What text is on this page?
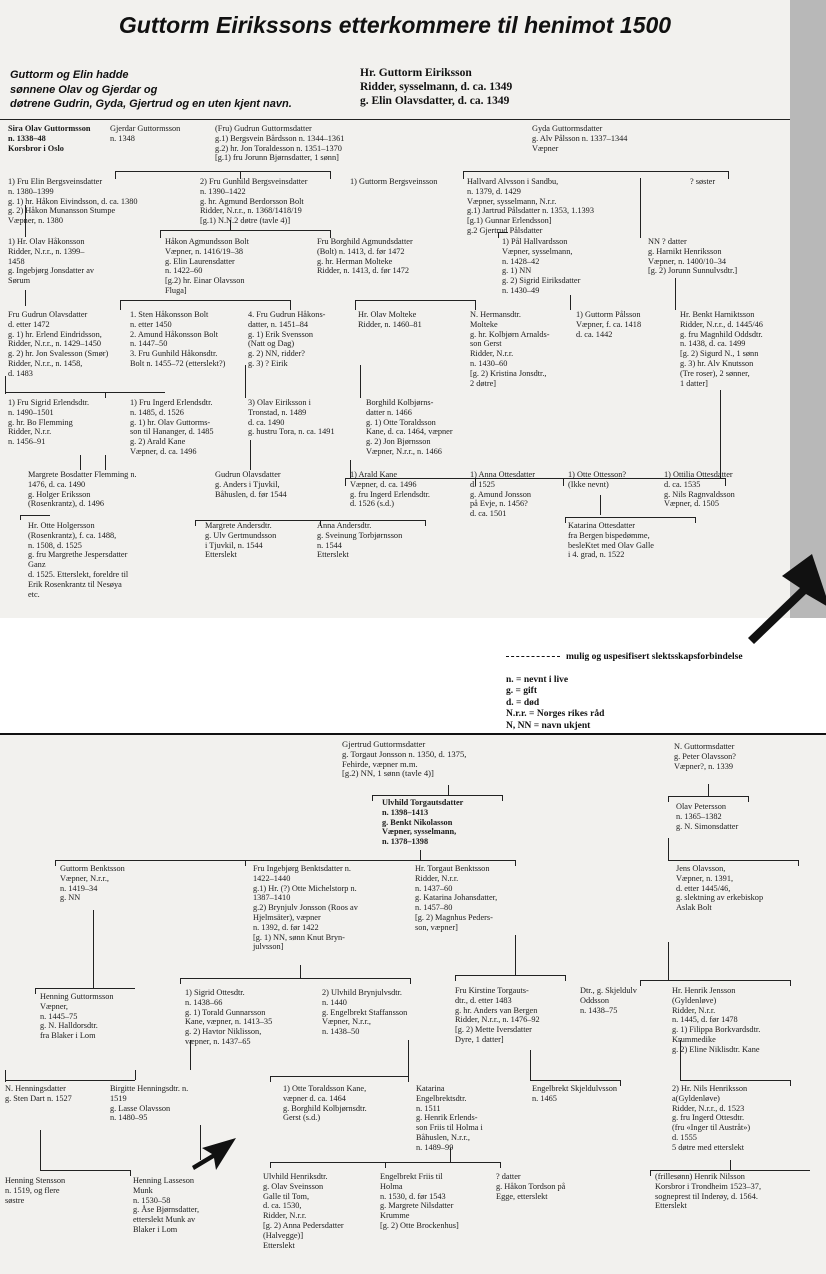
Guttorm Eirikssons etterkommere til henimot 1500
Guttorm og Elin hadde
sønnene Olav og Gjerdar og
døtrene Gudrin, Gyda, Gjertrud og en uten kjent navn.
Hr. Guttorm Eiriksson
Ridder, sysselmann, d. ca. 1349
g. Elin Olavsdatter, d. ca. 1349
Sira Olav Guttormsson
n. 1338–48
Korsbror i Oslo
Gjerdar Guttormsson
n. 1348
(Fru) Gudrun Guttormsdatter
g.1) Bergsvein Bårdsson n. 1344–1361
g.2) hr. Jon Toraldesson n. 1351–1370
[g.1) fru Jorunn Bjørnsdatter, 1 sønn]
Gyda Guttormsdatter
g. Alv Pålsson n. 1337–1344
Væpner
1) Fru Elin Bergsveinsdatter
n. 1380–1399
g. 1) hr. Håkon Eivindsson, d. ca. 1380
g. 2) Håkon Munansson Stumpe
Væpner, n. 1380
2) Fru Gunhild Bergsveinsdatter
n. 1390–1422
g. hr. Agmund Berdorsson Bolt
Ridder, N.r.r., n. 1368/1418/19
[g.1) N.N.2 døtre (tavle 4)]
1) Guttorm Bergsveinsson	Hallvard Alvsson i Sandbu,
n. 1379, d. 1429
Væpner, sysselmann, N.r.r.
g.1) Jartrud Pålsdatter n. 1353, 1.1393
[g.1) Gunnar Erlendsson]
g.2 Gjertrud Pålsdatter
? søster
1) Hr. Olav Håkonsson
Ridder, N.r.r., n. 1399–
1458
g. Ingebjørg Jonsdatter av
Sørum
Håkon Agmundsson Bolt
Væpner, n. 1416/19–38
g. Elin Laurensdatter
n. 1422–60
[g.2) hr. Einar Olavsson
Fluga]
Fru Borghild Agmundsdatter
(Bolt) n. 1413, d. før 1472
g. hr. Herman Molteke
Ridder, n. 1413, d. før 1472
1) Pål Hallvardsson
Væpner, sysselmann,
n. 1428–42
g. 1) NN
g. 2) Sigrid Eiriksdatter
n. 1430–49
NN ? datter
g. Harnikt Henriksson
Væpner, n. 1400/10–34
[g. 2) Jorunn Sunnulvsdtr.]
Fru Gudrun Olavsdatter
d. etter 1472
g. 1) hr. Erlend Eindridsson,
Ridder, N.r.r., n. 1429–1450
g. 2) hr. Jon Svalesson (Smør)
Ridder, N.r.r., n. 1458,
d. 1483
1. Sten Håkonsson Bolt
n. etter 1450
2. Amund Håkonsson Bolt
n. 1447–50
3. Fru Gunhild Håkonsdtr.
Bolt n. 1455–72 (etterslekt?)
4. Fru Gudrun Håkons-
datter, n. 1451–84
g. 1) Erik Svensson
(Natt og Dag)
g. 2) NN, ridder?
g. 3) ? Eirik
Hr. Olav Molteke
Ridder, n. 1460–81
N. Hermansdtr.
Molteke
g. hr. Kolbjørn Arnalds-
son Gerst
Ridder, N.r.r.
n. 1430–60
[g. 2) Kristina Jonsdtr.,
2 døtre]
1) Guttorm Pålsson
Væpner, f. ca. 1418
d. ca. 1442
Hr. Benkt Harniktsson
Ridder, N.r.r., d. 1445/46
g. fru Magnhild Oddsdtr.
n. 1438, d. ca. 1499
[g. 2) Sigurd N., 1 sønn
g. 3) hr. Alv Knutsson
(Tre roser), 2 sønner,
1 datter]
1) Fru Sigrid Erlendsdtr.
n. 1490–1501
g. hr. Bo Flemming
Ridder, N.r.r.
n. 1456–91
1) Fru Ingerd Erlendsdtr.
n. 1485, d. 1526
g. 1) hr. Olav Guttorms-
son til Hananger, d. 1485
g. 2) Arald Kane
Væpner, d. ca. 1496
3) Olav Eiriksson i
Tronstad, n. 1489
d. ca. 1490
g. hustru Tora, n. ca. 1491
Borghild Kolbjørns-
datter n. 1466
g. 1) Otte Toraldsson
Kane, d. ca. 1464, væpner
g. 2) Jon Bjørnsson
Væpner, N.r.r., n. 1466
Margrete Bosdatter Flemming n.
1476, d. ca. 1490
g. Holger Eriksson
(Rosenkrantz), d. 1496
Gudrun Olavsdatter
g. Anders i Tjuvkil,
Båhuslen, d. før 1544
1) Arald Kane
Væpner, d. ca. 1496
g. fru Ingerd Erlendsdtr.
d. 1526 (s.d.)
1) Anna Ottesdatter
d. 1525
g. Amund Jonsson
på Evje, n. 1456?
d. ca. 1501
1) Otte Ottesson?
(Ikke nevnt)
1) Ottilia Ottesdatter
d. ca. 1535
g. Nils Ragnvaldsson
Væpner, d. 1505
Hr. Otte Holgersson
(Rosenkrantz), f. ca. 1488,
n. 1508, d. 1525
g. fru Margrethe Jespersdatter
Ganz
d. 1525. Etterslekt, foreldre til
Erik Rosenkrantz til Nesøya
etc.
Margrete Andersdtr.
g. Ulv Gertmundsson
i Tjuvkil, n. 1544
Etterslekt
Anna Andersdtr.
g. Sveinung Torbjørnsson
n. 1544
Etterslekt
Katarina Ottesdatter
fra Bergen bispedømme,
besleKtet med Olav Galle
i 4. grad, n. 1522

mulig og uspesifisert slektsskapsforbindelse

n. = nevnt i live
g. = gift
d. = død
N.r.r. = Norges rikes råd
N, NN = navn ukjent

Gjertrud Guttormsdatter
g. Torgaut Jonsson n. 1350, d. 1375,
Fehirde, væpner m.m.
[g.2) NN, 1 sønn (tavle 4)]
N. Guttormsdatter
g. Peter Olavsson?
Væpner?, n. 1339
Ulvhild Torgautsdatter
n. 1398–1413
g. Benkt Nikolasson
Væpner, sysselmann,
n. 1378–1398
Olav Petersson
n. 1365–1382
g. N. Simonsdatter
Guttorm Benktsson
Væpner, N.r.r.,
n. 1419–34
g. NN
Fru Ingebjørg Benktsdatter n.
1422–1440
g.1) Hr. (?) Otte Michelstorp n.
1387–1410
g.2) Brynjulv Jonsson (Roos av
Hjelmsäter), væpner
n. 1392, d. før 1422
[g. 1) NN, sønn Knut Bryn-
julvsson]
Hr. Torgaut Benktsson
Ridder, N.r.r.
n. 1437–60
g. Katarina Johansdatter,
n. 1457–80
[g. 2) Magnhus Peders-
son, væpner]
Jens Olavsson,
Væpner, n. 1391,
d. etter 1445/46,
g. slektning av erkebiskop
Aslak Bolt
Henning Guttormsson
Væpner,
n. 1445–75
g. N. Halldorsdtr.
fra Blaker i Lom
1) Sigrid Ottesdtr.
n. 1438–66
g. 1) Torald Gunnarsson
Kane, væpner, n. 1413–35
g. 2) Havtor Niklisson,
væpner, n. 1437–65
2) Ulvhild Brynjulvsdtr.
n. 1440
g. Engelbrekt Staffansson
Væpner, N.r.r.,
n. 1438–50
Fru Kirstine Torgauts-
dtr., d. etter 1483
g. hr. Anders van Bergen
Ridder, N.r.r., n. 1476–92
[g. 2) Mette Iversdatter
Dyre, 1 datter]
Dtr., g. Skjeldulv
Oddsson
n. 1438–75
Hr. Henrik Jensson
(Gyldenløve)
Ridder, N.r.r.
n. 1445, d. før 1478
g. 1) Filippa Borkvardsdtr.
Krummedike
g. 2) Eline Niklisdtr. Kane
N. Henningsdatter
g. Sten Dart n. 1527
Birgitte Henningsdtr. n.
1519
g. Lasse Olavsson
n. 1480–95
1) Otte Toraldsson Kane,
væpner d. ca. 1464
g. Borghild Kolbjørnsdtr.
Gerst (s.d.)
Katarina
Engelbrektsdtr.
n. 1511
g. Henrik Erlends-
son Friis til Holma i
Båhuslen, N.r.r.,
n. 1489–99
Engelbrekt Skjeldulvsson
n. 1465
2) Hr. Nils Henriksson
a(Gyldenløve)
Ridder, N.r.r., d. 1523
g. fru Ingerd Ottesdtr.
(fru «Inger til Austråt»)
d. 1555
5 døtre med etterslekt
Henning Stensson
n. 1519, og flere
søstre
Henning Lasseson
Munk
n. 1530–58
g. Åse Bjørnsdatter,
etterslekt Munk av
Blaker i Lom
Ulvhild Henriksdtr.
g. Olav Sveinsson
Galle til Tom,
d. ca. 1530,
Ridder, N.r.r.
[g. 2) Anna Pedersdatter
(Halvegge)]
Etterslekt
Engelbrekt Friis til
Holma
n. 1530, d. før 1543
g. Margrete Nilsdatter
Krumme
[g. 2) Otte Brockenhus]
? datter
g. Håkon Tordson på
Egge, etterslekt
(frillesønn) Henrik Nilsson
Korsbror i Trondheim 1523–37,
sogneprest til Inderøy, d. 1564.
Etterslekt
